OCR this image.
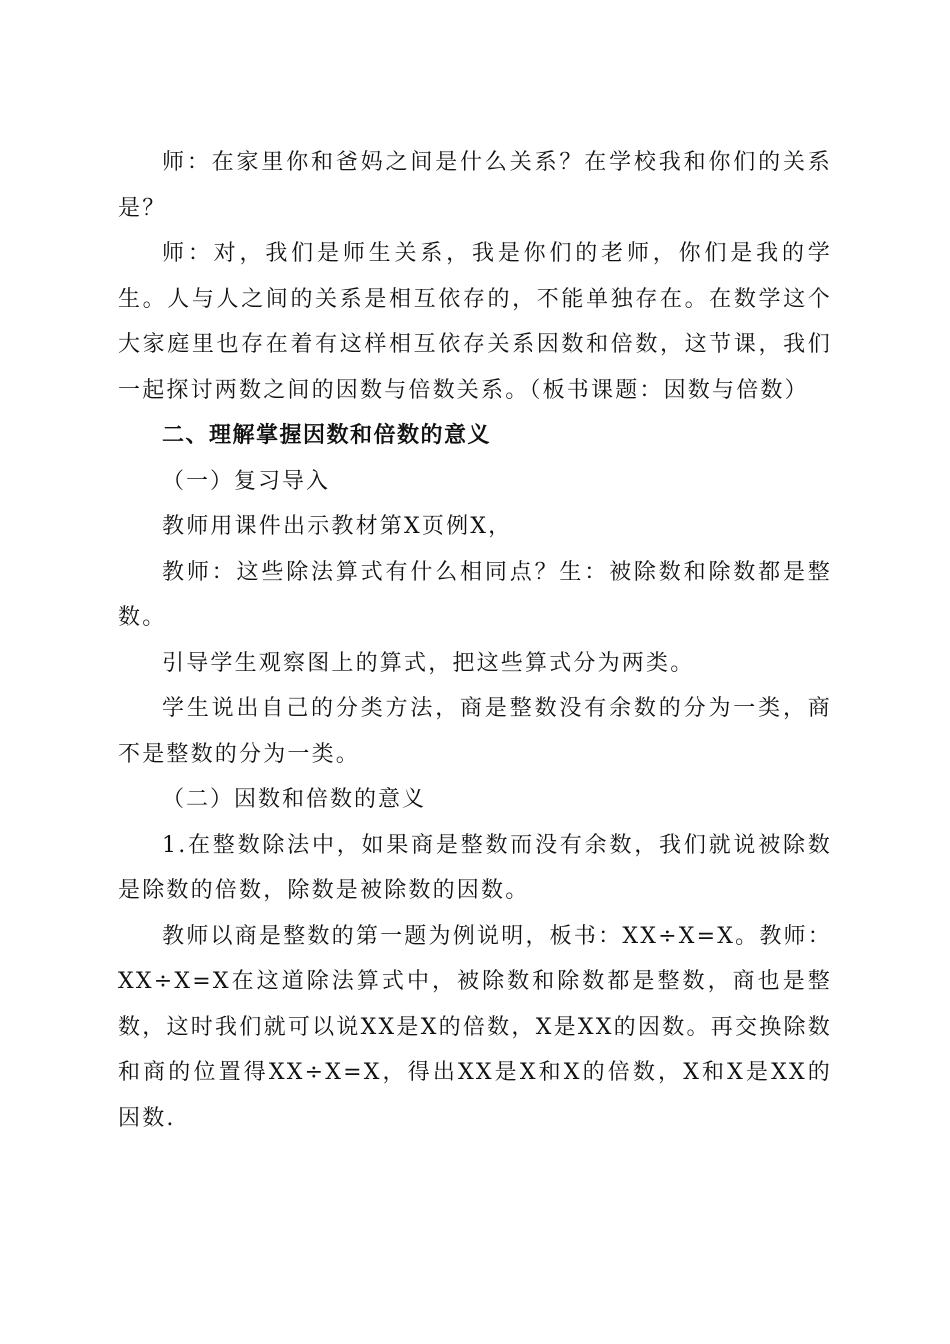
师：在家里你和爸妈之间是什么关系？在学校我和你们的关系是？

师：对，我们是师生关系，我是你们的老师，你们是我的学生。人与人之间的关系是相互依存的，不能单独存在。在数学这个大家庭里也存在着有这样相互依存关系因数和倍数，这节课，我们一起探讨两数之间的因数与倍数关系。（板书课题：因数与倍数）

二、理解掌握因数和倍数的意义

（一）复习导入

教师用课件出示教材第X页例X，

教师：这些除法算式有什么相同点？生：被除数和除数都是整数。

引导学生观察图上的算式，把这些算式分为两类。

学生说出自己的分类方法，商是整数没有余数的分为一类，商不是整数的分为一类。

（二）因数和倍数的意义

1.在整数除法中，如果商是整数而没有余数，我们就说被除数是除数的倍数，除数是被除数的因数。

教师以商是整数的第一题为例说明，板书：XX÷X=X。教师：XX÷X=X在这道除法算式中，被除数和除数都是整数，商也是整数，这时我们就可以说XX是X的倍数，X是XX的因数。再交换除数和商的位置得XX÷X=X，得出XX是X和X的倍数，X和X是XX的因数.
